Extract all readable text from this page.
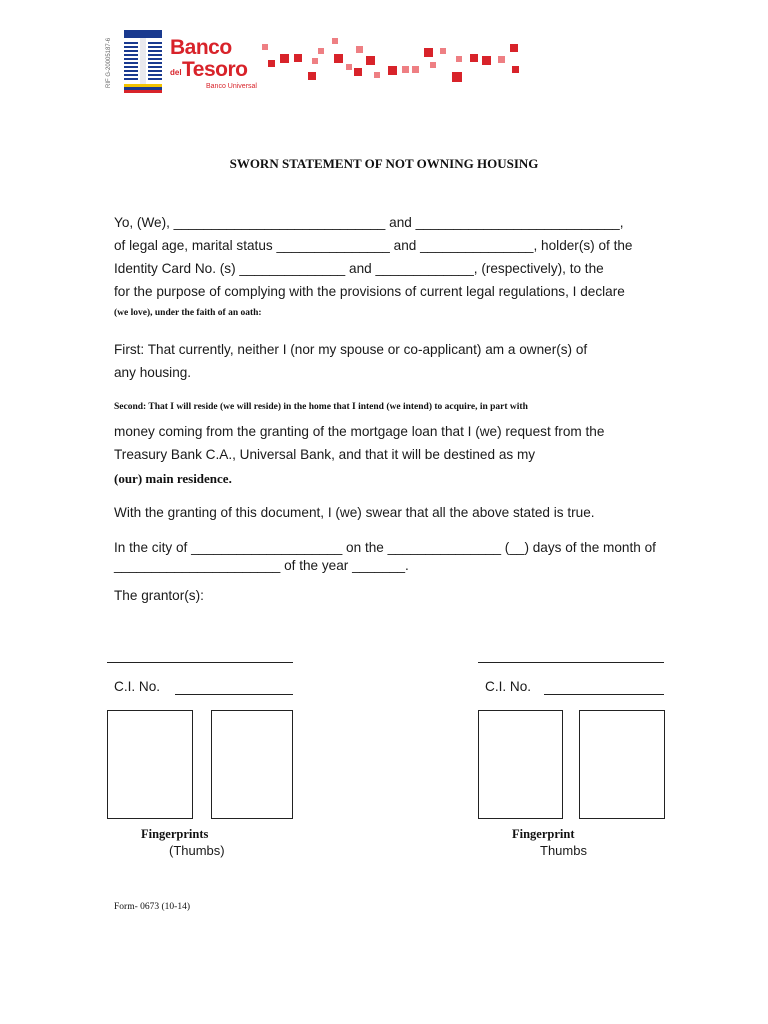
RIF G-20005187-6	Banco
del Tesoro
Banco Universal
SWORN STATEMENT OF NOT OWNING HOUSING
Yo, (We), ____________________________ and ___________________________,
of legal age, marital status _______________ and _______________, holder(s) of the
Identity Card No. (s) ______________ and _____________, (respectively), to the
for the purpose of complying with the provisions of current legal regulations, I declare
(we love), under the faith of an oath:
First: That currently, neither I (nor my spouse or co-applicant) am a owner(s) of
any housing.
Second: That I will reside (we will reside) in the home that I intend (we intend) to acquire, in part with
money coming from the granting of the mortgage loan that I (we) request from the
Treasury Bank C.A., Universal Bank, and that it will be destined as my
(our) main residence.
With the granting of this document, I (we) swear that all the above stated is true.
In the city of ____________________ on the _______________ (__) days of the month of
______________________ of the year _______.
The grantor(s):
C.I. No.
Fingerprints
(Thumbs)
C.I. No.
Fingerprint
Thumbs
Form- 0673 (10-14)
